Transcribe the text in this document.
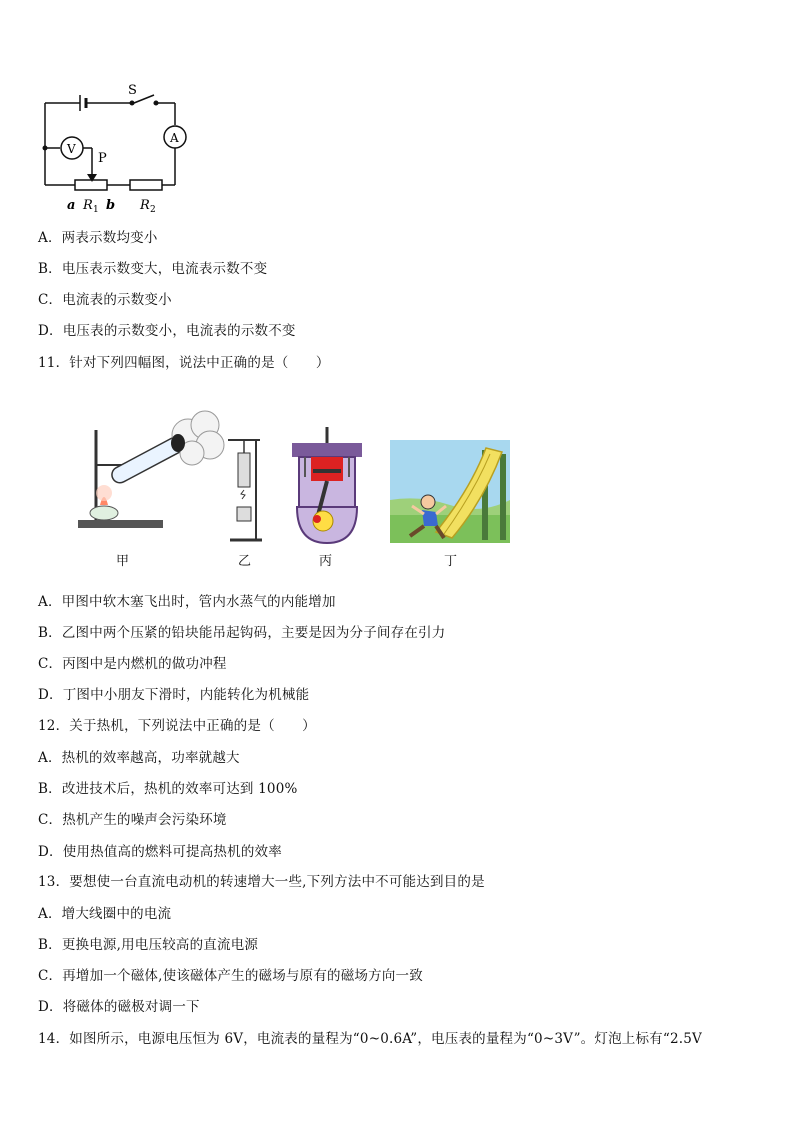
S
V
A
P
a R 1 b R 2
A．两表示数均变小
B．电压表示数变大，电流表示数不变
C．电流表的示数变小
D．电压表的示数变小，电流表的示数不变
11．针对下列四幅图，说法中正确的是（　　）
甲	乙	丙	丁
A．甲图中软木塞飞出时，管内水蒸气的内能增加
B．乙图中两个压紧的铅块能吊起钩码，主要是因为分子间存在引力
C．丙图中是内燃机的做功冲程
D．丁图中小朋友下滑时，内能转化为机械能
12．关于热机，下列说法中正确的是（　　）
A．热机的效率越高，功率就越大
B．改进技术后，热机的效率可达到 100%
C．热机产生的噪声会污染环境
D．使用热值高的燃料可提高热机的效率
13．要想使一台直流电动机的转速增大一些,下列方法中不可能达到目的是
A．增大线圈中的电流
B．更换电源,用电压较高的直流电源
C．再增加一个磁体,使该磁体产生的磁场与原有的磁场方向一致
D．将磁体的磁极对调一下
14．如图所示，电源电压恒为 6V，电流表的量程为“0~0.6A”，电压表的量程为“0~3V”。灯泡上标有“2.5V
